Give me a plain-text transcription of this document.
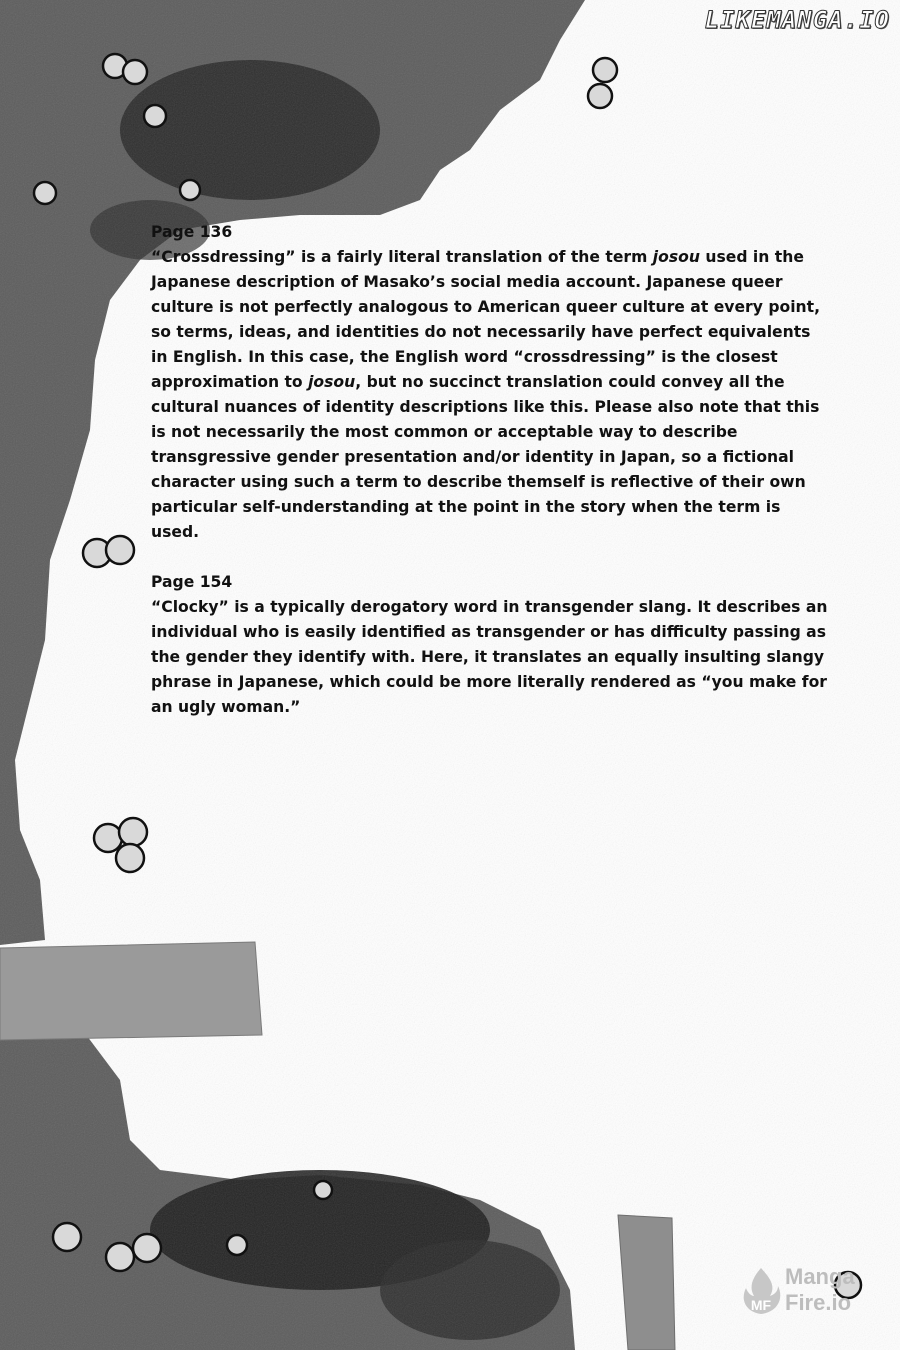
LIKEMANGA.IO
Page 136
“Crossdressing” is a fairly literal translation of the term josou used in the Japanese description of Masako’s social media account. Japanese queer culture is not perfectly analogous to American queer culture at every point, so terms, ideas, and identities do not necessarily have perfect equivalents in English. In this case, the English word “crossdressing” is the closest approximation to josou, but no succinct translation could convey all the cultural nuances of identity descriptions like this. Please also note that this is not necessarily the most common or acceptable way to describe transgressive gender presentation and/or identity in Japan, so a fictional character using such a term to describe themself is reflective of their own particular self-understanding at the point in the story when the term is used.
Page 154
“Clocky” is a typically derogatory word in transgender slang. It describes an individual who is easily identified as transgender or has difficulty passing as the gender they identify with. Here, it translates an equally insulting slangy phrase in Japanese, which could be more literally rendered as “you make for an ugly woman.”
MF
Manga
Fire.io
